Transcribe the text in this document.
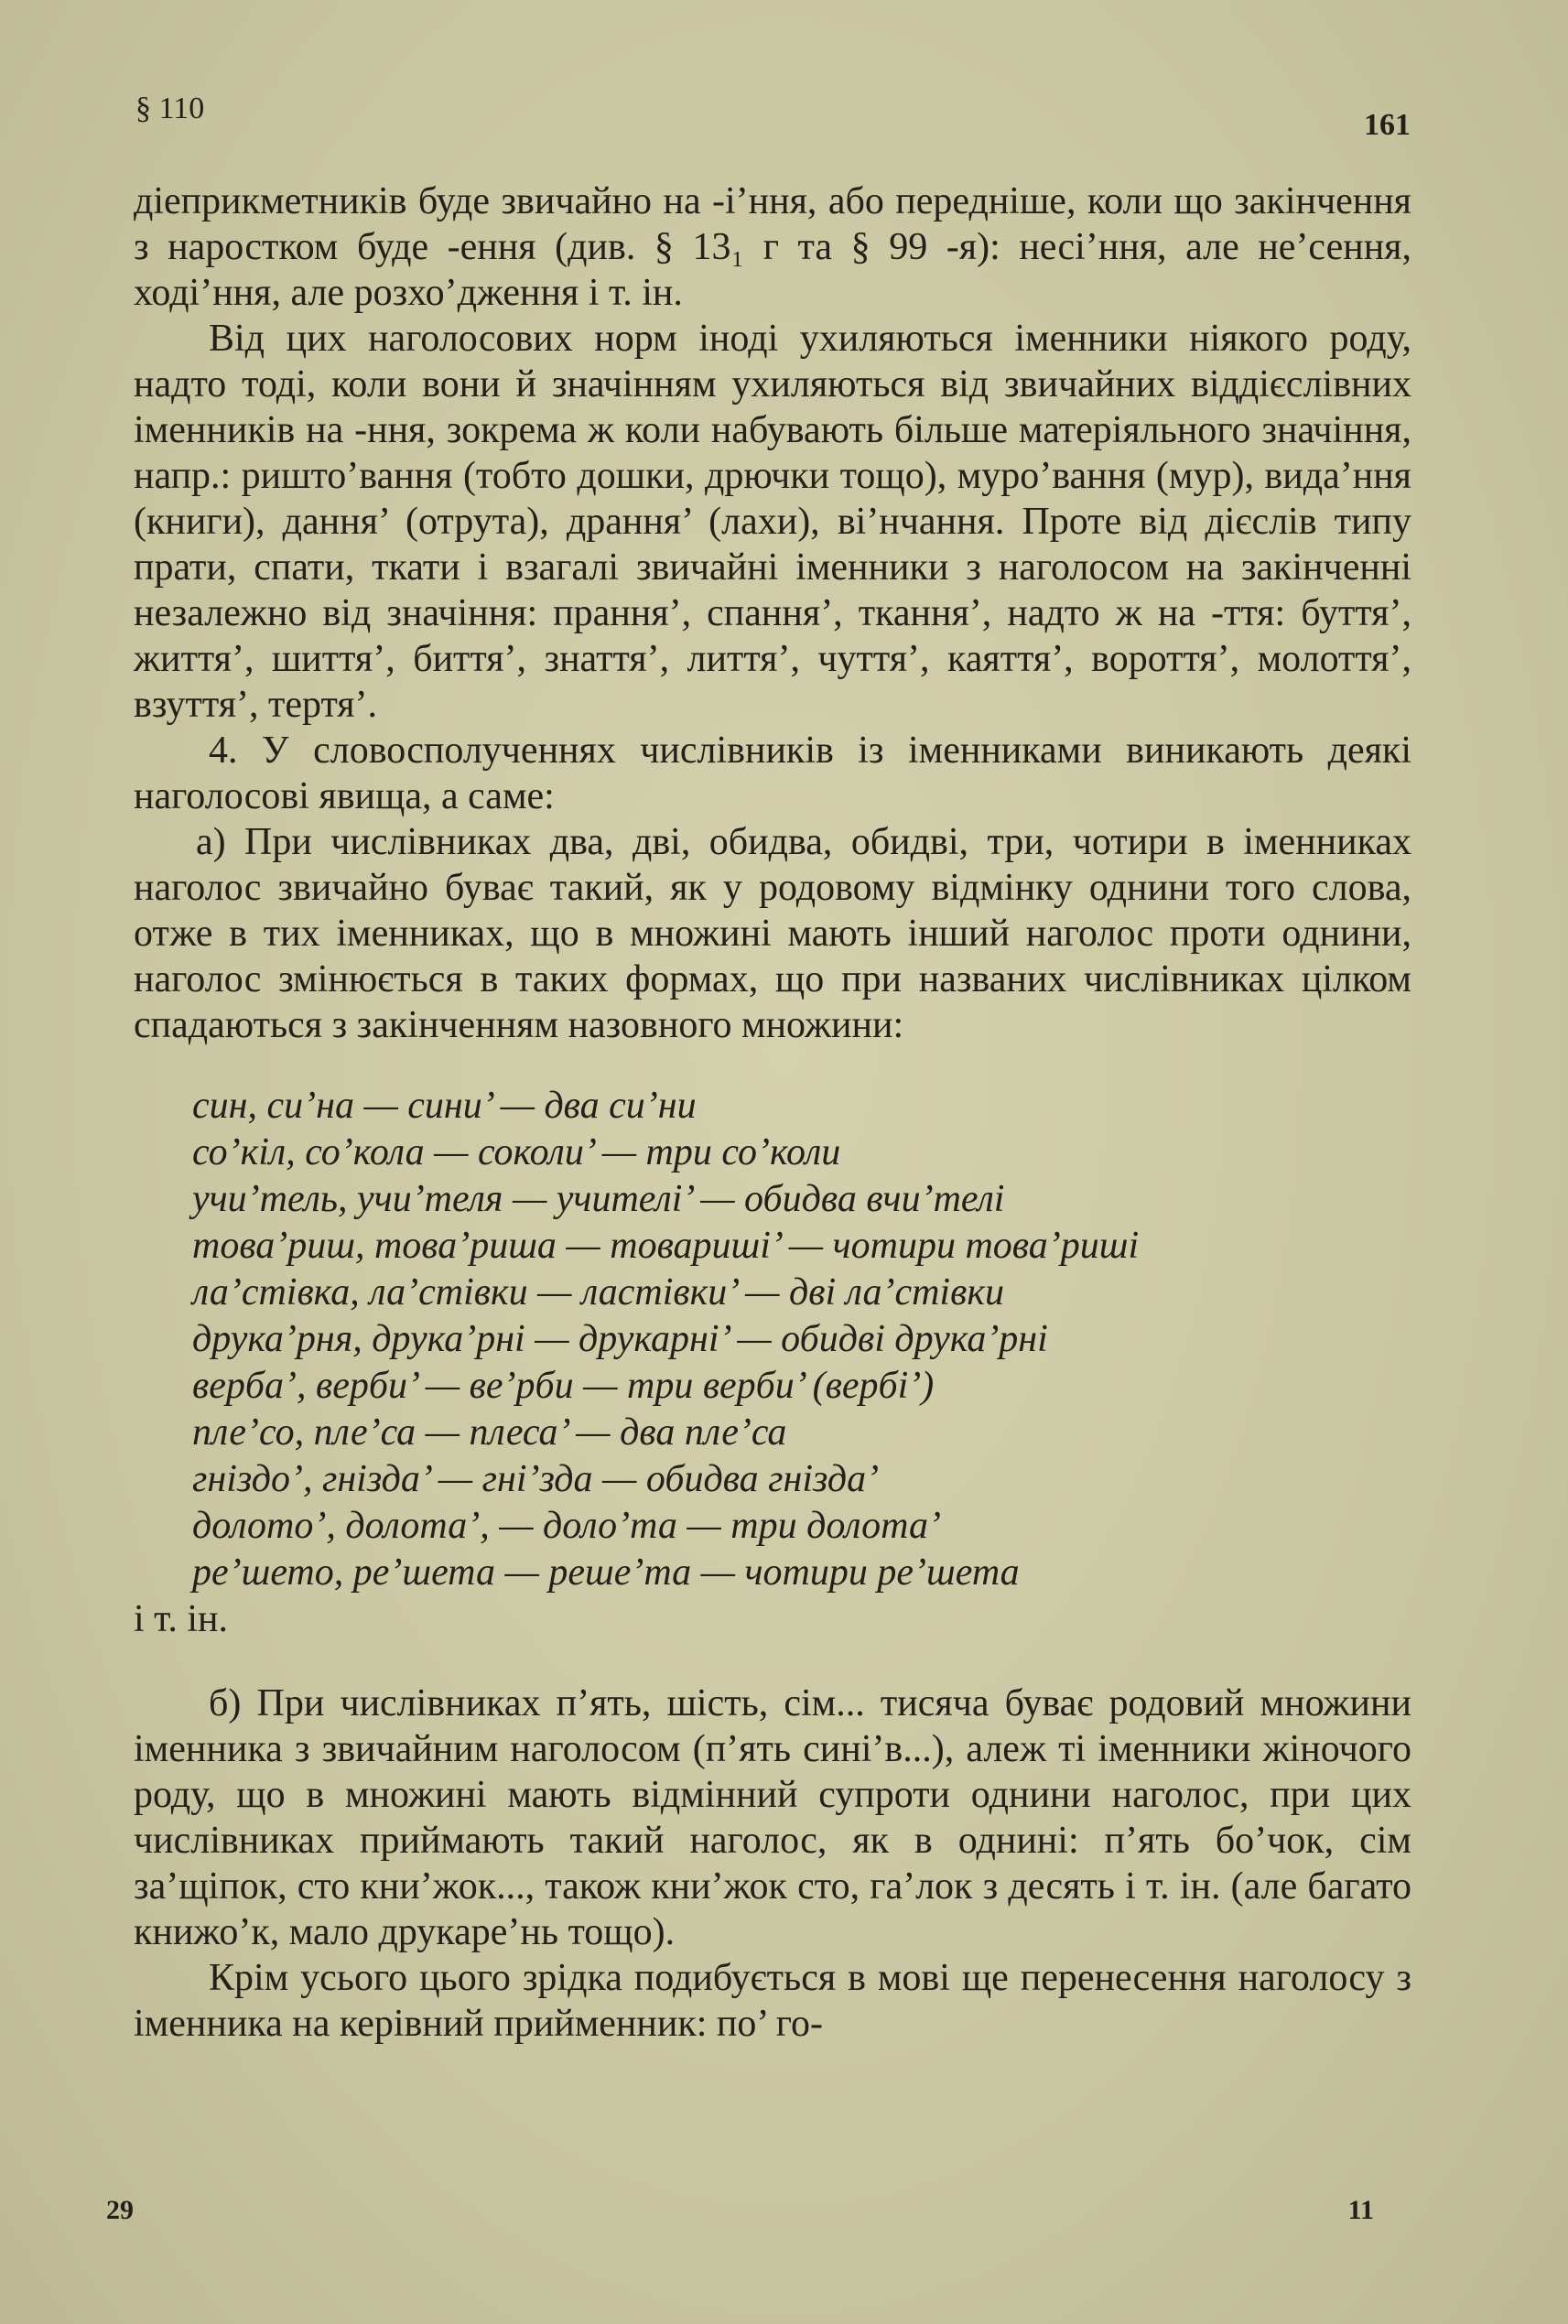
§ 110	161

діеприкметників буде звичайно на -і’ння, або передніше, коли що закінчення з наростком буде -ення (див. § 13₁ г та § 99 -я): несі’ння, але не’сення, ході’ння, але розхо’дження і т. ін.

Від цих наголосових норм іноді ухиляються іменники ніякого роду, надто тоді, коли вони й значінням ухиляються від звичайних віддієслівних іменників на -ння, зокрема ж коли набувають більше матеріяльного значіння, напр.: ришто’вання (тобто дошки, дрючки тощо), муро’вання (мур), вида’ння (книги), дання’ (отрута), драння’ (лахи), ві’нчання. Проте від дієслів типу прати, спати, ткати і взагалі звичайні іменники з наголосом на закінченні незалежно від значіння: прання’, спання’, ткання’, надто ж на -ття: буття’, життя’, шиття’, биття’, знаття’, лиття’, чуття’, каяття’, вороття’, молоття’, взуття’, тертя’.

4. У словосполученнях числівників із іменниками виникають деякі наголосові явища, а саме:

а) При числівниках два, дві, обидва, обидві, три, чотири в іменниках наголос звичайно буває такий, як у родовому відмінку однини того слова, отже в тих іменниках, що в множині мають інший наголос проти однини, наголос змінюється в таких формах, що при названих числівниках цілком спадаються з закінченням назовного множини:

син, си’на — сини’ — два си’ни
со’кіл, со’кола — соколи’ — три со’коли
учи’тель, учи’теля — учителі’ — обидва вчи’телі
това’риш, това’риша — товариші’ — чотири това’риші
ла’стівка, ла’стівки — ластівки’ — дві ла’стівки
друка’рня, друка’рні — друкарні’ — обидві друка’рні
верба’, верби’ — ве’рби — три верби’ (вербі’)
пле’со, пле’са — плеса’ — два пле’са
гніздо’, гнізда’ — гні’зда — обидва гнізда’
долото’, долота’, — доло’та — три долота’
ре’шето, ре’шета — реше’та — чотири ре’шета

і т. ін.

б) При числівниках п’ять, шість, сім... тисяча буває родовий множини іменника з звичайним наголосом (п’ять сині’в...), алеж ті іменники жіночого роду, що в множині мають відмінний супроти однини наголос, при цих числівниках приймають такий наголос, як в однині: п’ять бо’чок, сім за’щіпок, сто кни’жок..., також кни’жок сто, га’лок з десять і т. ін. (але багато книжо’к, мало друкаре’нь тощо).

Крім усього цього зрідка подибується в мові ще перенесення наголосу з іменника на керівний прийменник: по’ го-

29	11
